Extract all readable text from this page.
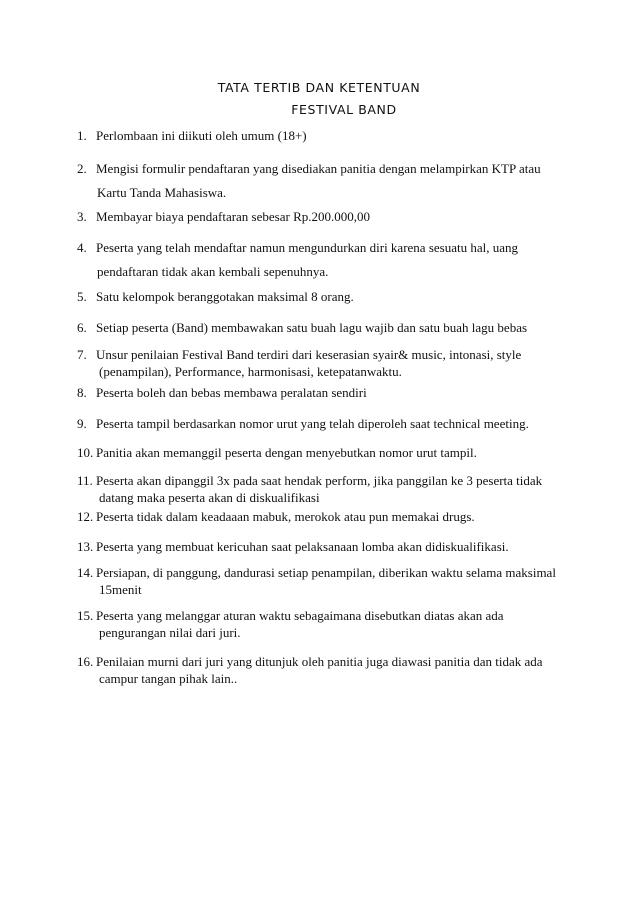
TATA TERTIB DAN KETENTUAN
FESTIVAL BAND
1. Perlombaan ini diikuti oleh umum (18+)
2. Mengisi formulir pendaftaran yang disediakan panitia dengan melampirkan KTP atau
Kartu Tanda Mahasiswa.
3. Membayar biaya pendaftaran sebesar Rp.200.000,00
4. Peserta yang telah mendaftar namun mengundurkan diri karena sesuatu hal, uang
pendaftaran tidak akan kembali sepenuhnya.
5. Satu kelompok beranggotakan maksimal 8 orang.
6. Setiap peserta (Band) membawakan satu buah lagu wajib dan satu buah lagu bebas
7. Unsur penilaian Festival Band terdiri dari keserasian syair& music, intonasi, style
(penampilan), Performance, harmonisasi, ketepatanwaktu.
8. Peserta boleh dan bebas membawa peralatan sendiri
9. Peserta tampil berdasarkan nomor urut yang telah diperoleh saat technical meeting.
10. Panitia akan memanggil peserta dengan menyebutkan nomor urut tampil.
11. Peserta akan dipanggil 3x pada saat hendak perform, jika panggilan ke 3 peserta tidak
datang maka peserta akan di diskualifikasi
12. Peserta tidak dalam keadaaan mabuk, merokok atau pun memakai drugs.
13. Peserta yang membuat kericuhan saat pelaksanaan lomba akan didiskualifikasi.
14. Persiapan, di panggung, dandurasi setiap penampilan, diberikan waktu selama maksimal
15menit
15. Peserta yang melanggar aturan waktu sebagaimana disebutkan diatas akan ada
pengurangan nilai dari juri.
16. Penilaian murni dari juri yang ditunjuk oleh panitia juga diawasi panitia dan tidak ada
campur tangan pihak lain..
